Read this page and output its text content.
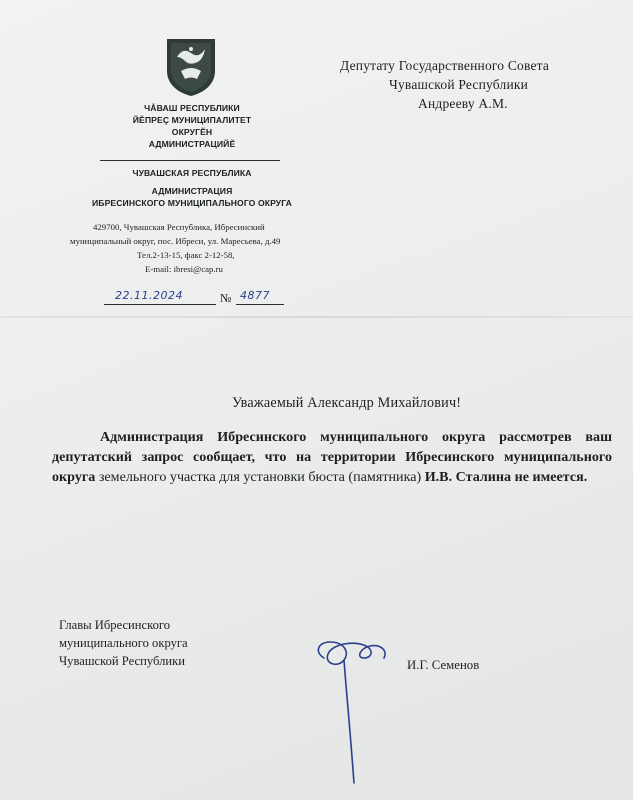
ЧĂВАШ РЕСПУБЛИКИ
ЙĔПРЕÇ МУНИЦИПАЛИТЕТ
ОКРУГĔН
АДМИНИСТРАЦИЙĔ
ЧУВАШСКАЯ РЕСПУБЛИКА
АДМИНИСТРАЦИЯ
ИБРЕСИНСКОГО МУНИЦИПАЛЬНОГО ОКРУГА
429700, Чувашская Республика, Ибресинский
муниципальный округ, пос. Ибреси, ул. Маресьева, д.49
Тел.2-13-15, факс 2-12-58,
E-mail: ibresi@cap.ru
22.11.2024	№ 4877
Депутату Государственного Совета
Чувашской Республики
Андрееву А.М.
Уважаемый Александр Михайлович!
Администрация Ибресинского муниципального округа рассмотрев ваш депутатский запрос сообщает, что на территории Ибресинского муниципального округа земельного участка для установки бюста (памятника) И.В. Сталина не имеется.
Главы Ибресинского
муниципального округа
Чувашской Республики	И.Г. Семенов
